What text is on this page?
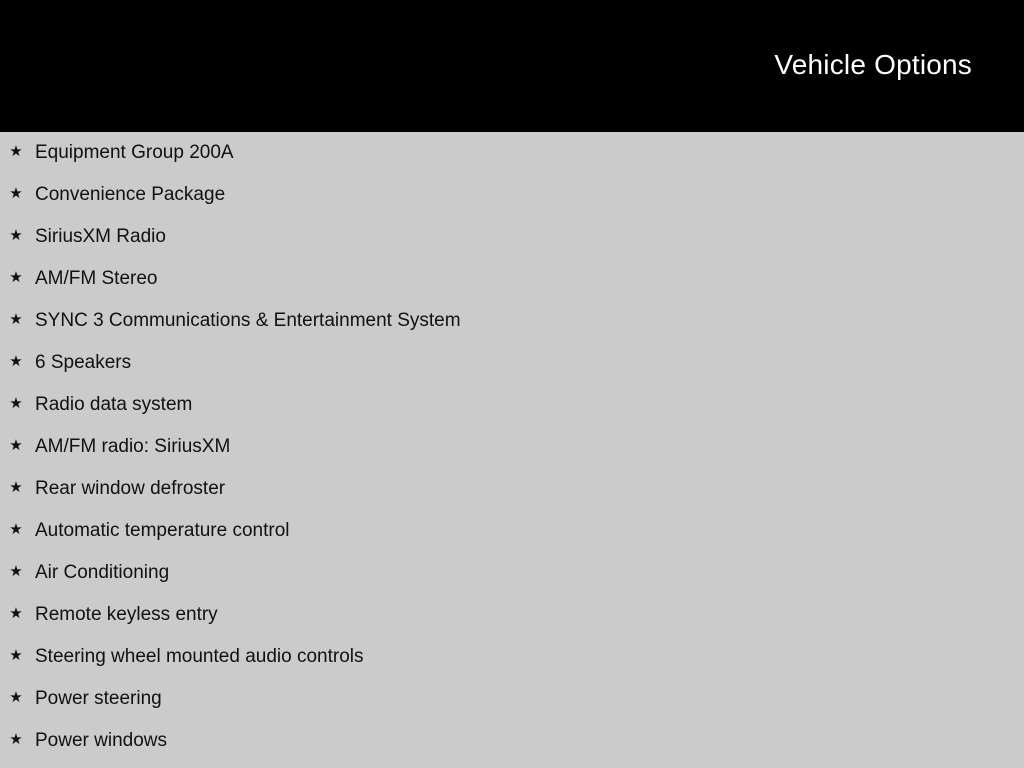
Vehicle Options
★ Equipment Group 200A
★ Convenience Package
★ SiriusXM Radio
★ AM/FM Stereo
★ SYNC 3 Communications & Entertainment System
★ 6 Speakers
★ Radio data system
★ AM/FM radio: SiriusXM
★ Rear window defroster
★ Automatic temperature control
★ Air Conditioning
★ Remote keyless entry
★ Steering wheel mounted audio controls
★ Power steering
★ Power windows
